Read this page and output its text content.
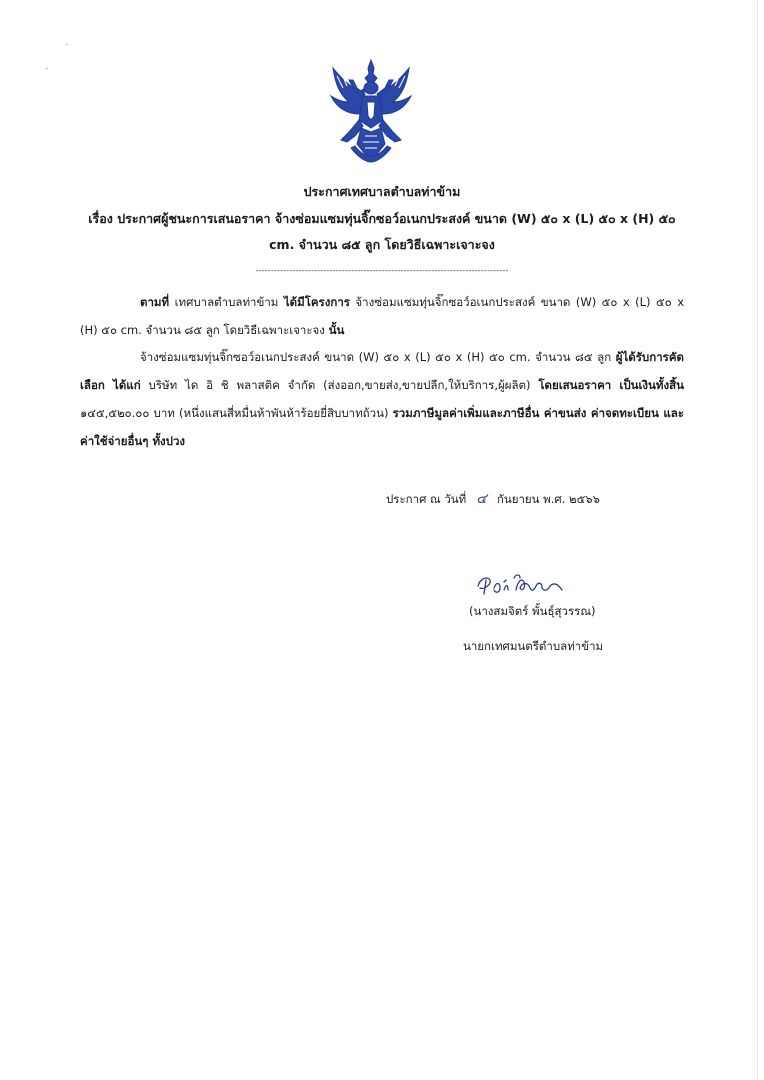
ประกาศเทศบาลตำบลท่าข้าม
เรื่อง ประกาศผู้ชนะการเสนอราคา จ้างซ่อมแซมทุ่นจิ๊กซอว์อเนกประสงค์ ขนาด (W) ๕๐ x (L) ๕๐ x (H) ๕๐ cm. จำนวน ๘๕ ลูก โดยวิธีเฉพาะเจาะจง
----------------------------------------------------------------------------------
ตามที่ เทศบาลตำบลท่าข้าม ได้มีโครงการ จ้างซ่อมแซมทุ่นจิ๊กซอว์อเนกประสงค์ ขนาด (W) ๕๐ x (L) ๕๐ x (H) ๕๐ cm. จำนวน ๘๕ ลูก โดยวิธีเฉพาะเจาะจง นั้น
จ้างซ่อมแซมทุ่นจิ๊กซอว์อเนกประสงค์ ขนาด (W) ๕๐ x (L) ๕๐ x (H) ๕๐ cm. จำนวน ๘๕ ลูก ผู้ได้รับการคัดเลือก ได้แก่ บริษัท ได อิ ชิ พลาสติค จำกัด (ส่งออก,ขายส่ง,ขายปลีก,ให้บริการ,ผู้ผลิต) โดยเสนอราคา เป็นเงินทั้งสิ้น ๑๔๕,๕๒๐.๐๐ บาท (หนึ่งแสนสี่หมื่นห้าพันห้าร้อยยี่สิบบาทถ้วน) รวมภาษีมูลค่าเพิ่มและภาษีอื่น ค่าขนส่ง ค่าจดทะเบียน และค่าใช้จ่ายอื่นๆ ทั้งปวง
ประกาศ ณ วันที่ ๔ กันยายน พ.ศ. ๒๕๖๖
(นางสมจิตร์ พั้นธุ์สุวรรณ)
นายกเทศมนตรีตำบลท่าข้าม
